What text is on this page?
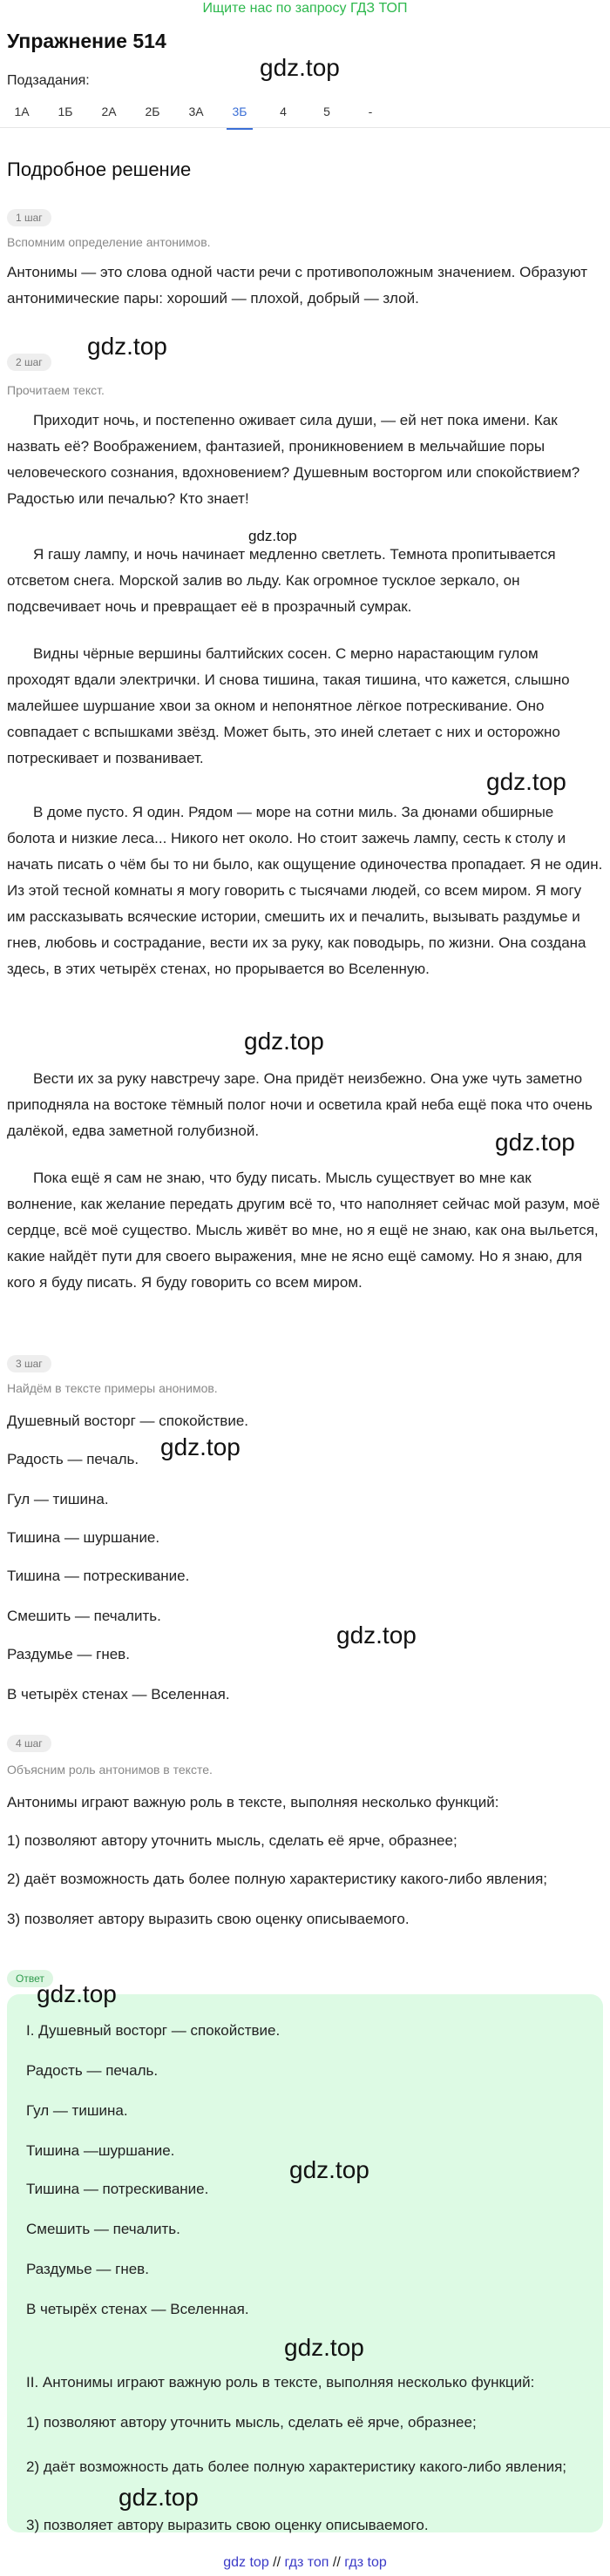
Ищите нас по запросу ГДЗ ТОП
Упражнение 514
gdz.top
Подзадания:
1А	1Б	2А	2Б	3А	3Б	4	5	-
Подробное решение
1 шаг
Вспомним определение антонимов.

Антонимы — это слова одной части речи с противоположным значением. Образуют антонимические пары: хороший — плохой, добрый — злой.

2 шаг
gdz.top
Прочитаем текст.

Приходит ночь, и постепенно оживает сила души, — ей нет пока имени. Как назвать её? Воображением, фантазией, проникновением в мельчайшие поры человеческого сознания, вдохновением? Душевным восторгом или спокойствием? Радостью или печалью? Кто знает!

gdz.top

Я гашу лампу, и ночь начинает медленно светлеть. Темнота пропитывается отсветом снега. Морской залив во льду. Как огромное тусклое зеркало, он подсвечивает ночь и превращает её в прозрачный сумрак.

Видны чёрные вершины балтийских сосен. С мерно нарастающим гулом проходят вдали электрички. И снова тишина, такая тишина, что кажется, слышно малейшее шуршание хвои за окном и непонятное лёгкое потрескивание. Оно совпадает с вспышками звёзд. Может быть, это иней слетает с них и осторожно потрескивает и позванивает.

gdz.top

В доме пусто. Я один. Рядом — море на сотни миль. За дюнами обширные болота и низкие леса... Никого нет около. Но стоит зажечь лампу, сесть к столу и начать писать о чём бы то ни было, как ощущение одиночества пропадает. Я не один. Из этой тесной комнаты я могу говорить с тысячами людей, со всем миром. Я могу им рассказывать всяческие истории, смешить их и печалить, вызывать раздумье и гнев, любовь и сострадание, вести их за руку, как поводырь, по жизни. Она создана здесь, в этих четырёх стенах, но прорывается во Вселенную.

gdz.top

Вести их за руку навстречу заре. Она придёт неизбежно. Она уже чуть заметно приподняла на востоке тёмный полог ночи и осветила край неба ещё пока что очень далёкой, едва заметной голубизной.	gdz.top

Пока ещё я сам не знаю, что буду писать. Мысль существует во мне как волнение, как желание передать другим всё то, что наполняет сейчас мой разум, моё сердце, всё моё существо. Мысль живёт во мне, но я ещё не знаю, как она выльется, какие найдёт пути для своего выражения, мне не ясно ещё самому. Но я знаю, для кого я буду писать. Я буду говорить со всем миром.

3 шаг
Найдём в тексте примеры анонимов.
Душевный восторг — спокойствие.
Радость — печаль. gdz.top
Гул — тишина.
Тишина — шуршание.
Тишина — потрескивание.
Смешить — печалить.
gdz.top
Раздумье — гнев.
В четырёх стенах — Вселенная.
4 шаг
Объясним роль антонимов в тексте.
Антонимы играют важную роль в тексте, выполняя несколько функций:
1) позволяют автору уточнить мысль, сделать её ярче, образнее;
2) даёт возможность дать более полную характеристику какого-либо явления;
3) позволяет автору выразить свою оценку описываемого.
Ответ
gdz.top
I. Душевный восторг — спокойствие.
Радость — печаль.
Гул — тишина.
Тишина —шуршание.
gdz.top
Тишина — потрескивание.
Смешить — печалить.
Раздумье — гнев.
В четырёх стенах — Вселенная.
gdz.top
II. Антонимы играют важную роль в тексте, выполняя несколько функций:
1) позволяют автору уточнить мысль, сделать её ярче, образнее;
2) даёт возможность дать более полную характеристику какого-либо явления;
gdz.top
3) позволяет автору выразить свою оценку описываемого.
gdz top // гдз топ // гдз top
